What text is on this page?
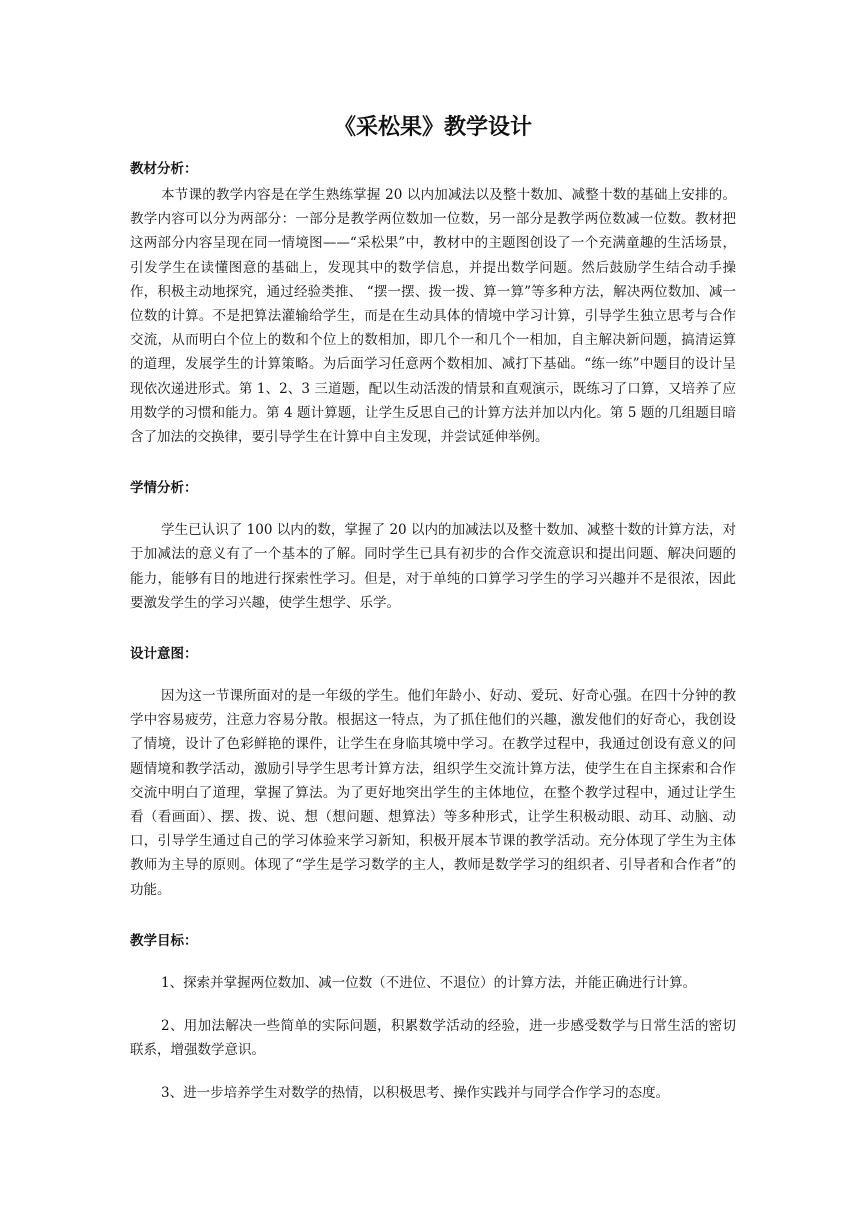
《采松果》教学设计
教材分析：

本节课的教学内容是在学生熟练掌握 20 以内加减法以及整十数加、减整十数的基础上安排的。教学内容可以分为两部分：一部分是教学两位数加一位数，另一部分是教学两位数减一位数。教材把这两部分内容呈现在同一情境图——“采松果”中，教材中的主题图创设了一个充满童趣的生活场景，引发学生在读懂图意的基础上，发现其中的数学信息，并提出数学问题。然后鼓励学生结合动手操作，积极主动地探究，通过经验类推、 “摆一摆、拨一拨、算一算”等多种方法，解决两位数加、减一位数的计算。不是把算法灌输给学生，而是在生动具体的情境中学习计算，引导学生独立思考与合作交流，从而明白个位上的数和个位上的数相加，即几个一和几个一相加，自主解决新问题，搞清运算的道理，发展学生的计算策略。为后面学习任意两个数相加、减打下基础。“练一练”中题目的设计呈现依次递进形式。第 1、2、3 三道题，配以生动活泼的情景和直观演示，既练习了口算，又培养了应用数学的习惯和能力。第 4 题计算题，让学生反思自己的计算方法并加以内化。第 5 题的几组题目暗含了加法的交换律，要引导学生在计算中自主发现，并尝试延伸举例。

学情分析：

学生已认识了 100 以内的数，掌握了 20 以内的加减法以及整十数加、减整十数的计算方法，对于加减法的意义有了一个基本的了解。同时学生已具有初步的合作交流意识和提出问题、解决问题的能力，能够有目的地进行探索性学习。但是，对于单纯的口算学习学生的学习兴趣并不是很浓，因此要激发学生的学习兴趣，使学生想学、乐学。

设计意图：

因为这一节课所面对的是一年级的学生。他们年龄小、好动、爱玩、好奇心强。在四十分钟的教学中容易疲劳，注意力容易分散。根据这一特点，为了抓住他们的兴趣，激发他们的好奇心，我创设了情境，设计了色彩鲜艳的课件，让学生在身临其境中学习。在教学过程中，我通过创设有意义的问题情境和教学活动，激励引导学生思考计算方法，组织学生交流计算方法，使学生在自主探索和合作交流中明白了道理，掌握了算法。为了更好地突出学生的主体地位，在整个教学过程中，通过让学生看（看画面）、摆、拨、说、想（想问题、想算法）等多种形式，让学生积极动眼、动耳、动脑、动口，引导学生通过自己的学习体验来学习新知，积极开展本节课的教学活动。充分体现了学生为主体教师为主导的原则。体现了“学生是学习数学的主人，教师是数学学习的组织者、引导者和合作者”的功能。

教学目标：

1、探索并掌握两位数加、减一位数（不进位、不退位）的计算方法，并能正确进行计算。

2、用加法解决一些简单的实际问题，积累数学活动的经验，进一步感受数学与日常生活的密切联系，增强数学意识。

3、进一步培养学生对数学的热情，以积极思考、操作实践并与同学合作学习的态度。
